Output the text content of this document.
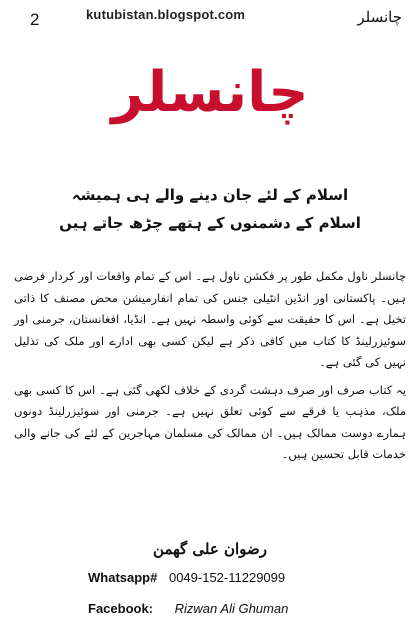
2	kutubistan.blogspot.com	چانسلر
چانسلر
اسلام کے لئے جان دینے والے ہی ہمیشہ
اسلام کے دشمنوں کے ہتھے چڑھ جاتے ہیں

چانسلر ناول مکمل طور پر فکشن ناول ہے۔ اس کے تمام واقعات اور کردار فرضی ہیں۔ پاکستانی اور انڈین انٹیلی جنس کی تمام انفارمیشن محض مصنف کا ذاتی تخیل ہے۔ اس کا حقیقت سے کوئی واسطہ نہیں ہے۔ انڈیا، افغانستان، جرمنی اور سوئیزرلینڈ کا کتاب میں کافی ذکر ہے لیکن کسی بھی ادارے اور ملک کی تذلیل نہیں کی گئی ہے۔

یہ کتاب صرف اور صرف دہشت گردی کے خلاف لکھی گئی ہے۔ اس کا کسی بھی ملک، مذہب یا فرقے سے کوئی تعلق نہیں ہے۔ جرمنی اور سوئیزرلینڈ دونوں ہمارے دوست ممالک ہیں۔ ان ممالک کی مسلمان مہاجرین کے لئے کی جانے والی خدمات قابل تحسین ہیں۔

رضوان علی گھمن
Whatsapp# 0049-152-11229099
Facebook: Rizwan Ali Ghuman
